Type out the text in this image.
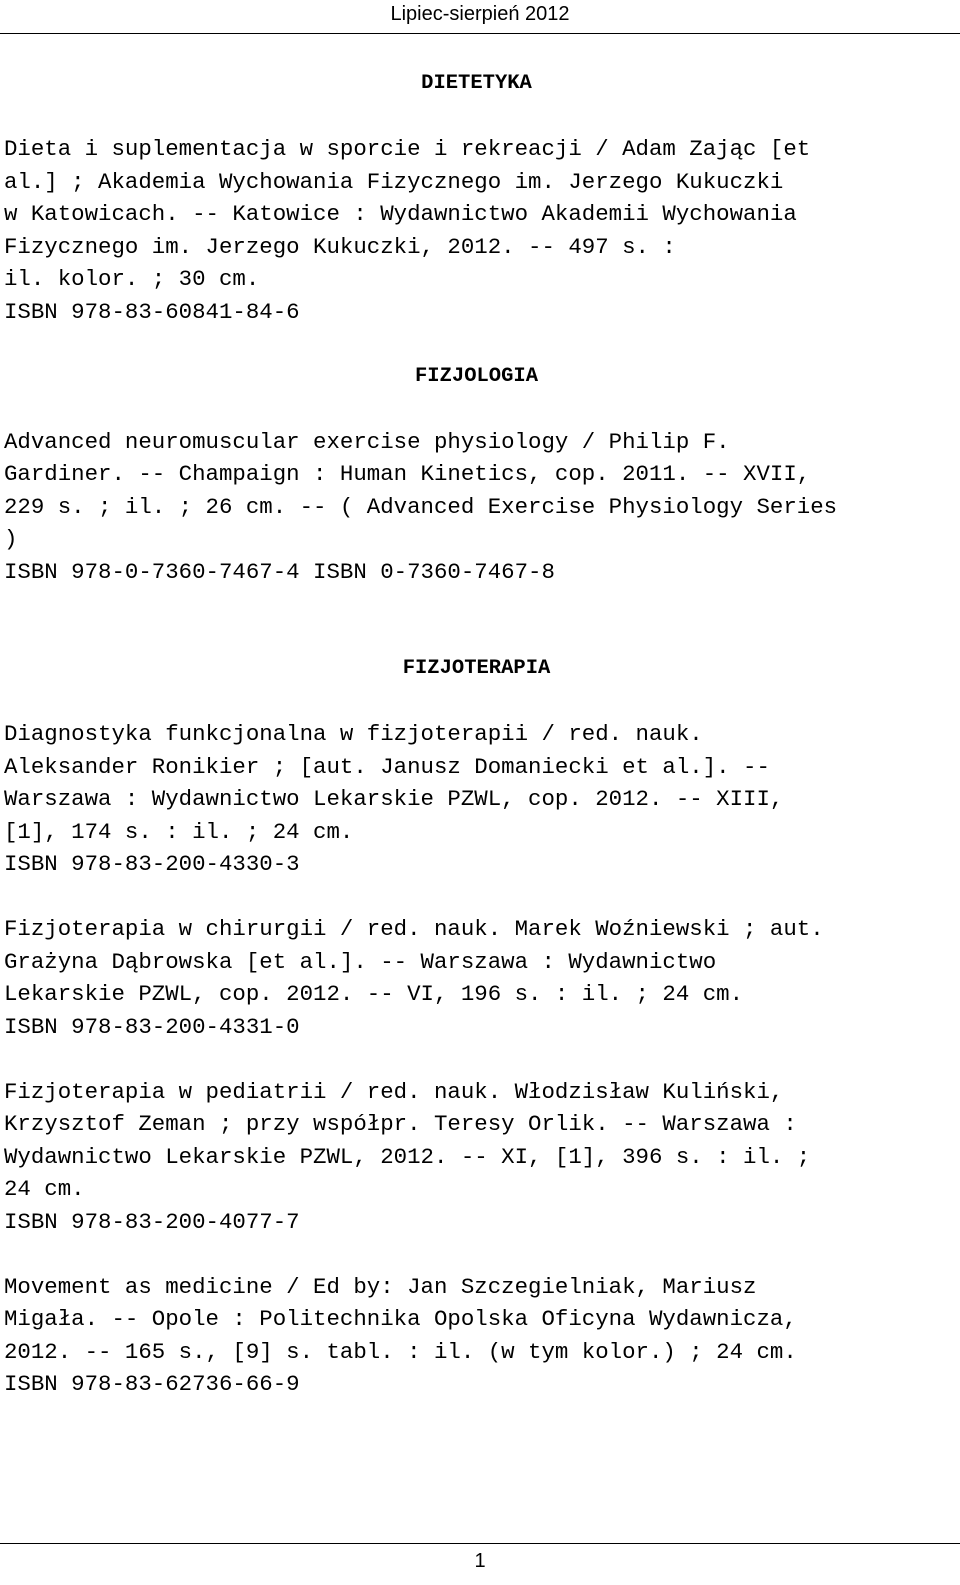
Lipiec-sierpień 2012
DIETETYKA
Dieta i suplementacja w sporcie i rekreacji / Adam Zając [et
al.] ; Akademia Wychowania Fizycznego im. Jerzego Kukuczki
w Katowicach. -- Katowice : Wydawnictwo Akademii Wychowania
Fizycznego im. Jerzego Kukuczki, 2012. -- 497 s. :
il. kolor. ; 30 cm.
ISBN 978-83-60841-84-6
FIZJOLOGIA
Advanced neuromuscular exercise physiology / Philip F.
Gardiner. -- Champaign : Human Kinetics, cop. 2011. -- XVII,
229 s. ; il. ; 26 cm. -- ( Advanced Exercise Physiology Series
)
ISBN 978-0-7360-7467-4 ISBN 0-7360-7467-8
FIZJOTERAPIA
Diagnostyka funkcjonalna w fizjoterapii / red. nauk.
Aleksander Ronikier ; [aut. Janusz Domaniecki et al.]. --
Warszawa : Wydawnictwo Lekarskie PZWL, cop. 2012. -- XIII,
[1], 174 s. : il. ; 24 cm.
ISBN 978-83-200-4330-3
Fizjoterapia w chirurgii / red. nauk. Marek Woźniewski ; aut.
Grażyna Dąbrowska [et al.]. -- Warszawa : Wydawnictwo
Lekarskie PZWL, cop. 2012. -- VI, 196 s. : il. ; 24 cm.
ISBN 978-83-200-4331-0
Fizjoterapia w pediatrii / red. nauk. Włodzisław Kuliński,
Krzysztof Zeman ; przy współpr. Teresy Orlik. -- Warszawa :
Wydawnictwo Lekarskie PZWL, 2012. -- XI, [1], 396 s. : il. ;
24 cm.
ISBN 978-83-200-4077-7
Movement as medicine / Ed by: Jan Szczegielniak, Mariusz
Migała. -- Opole : Politechnika Opolska Oficyna Wydawnicza,
2012. -- 165 s., [9] s. tabl. : il. (w tym kolor.) ; 24 cm.
ISBN 978-83-62736-66-9
1
